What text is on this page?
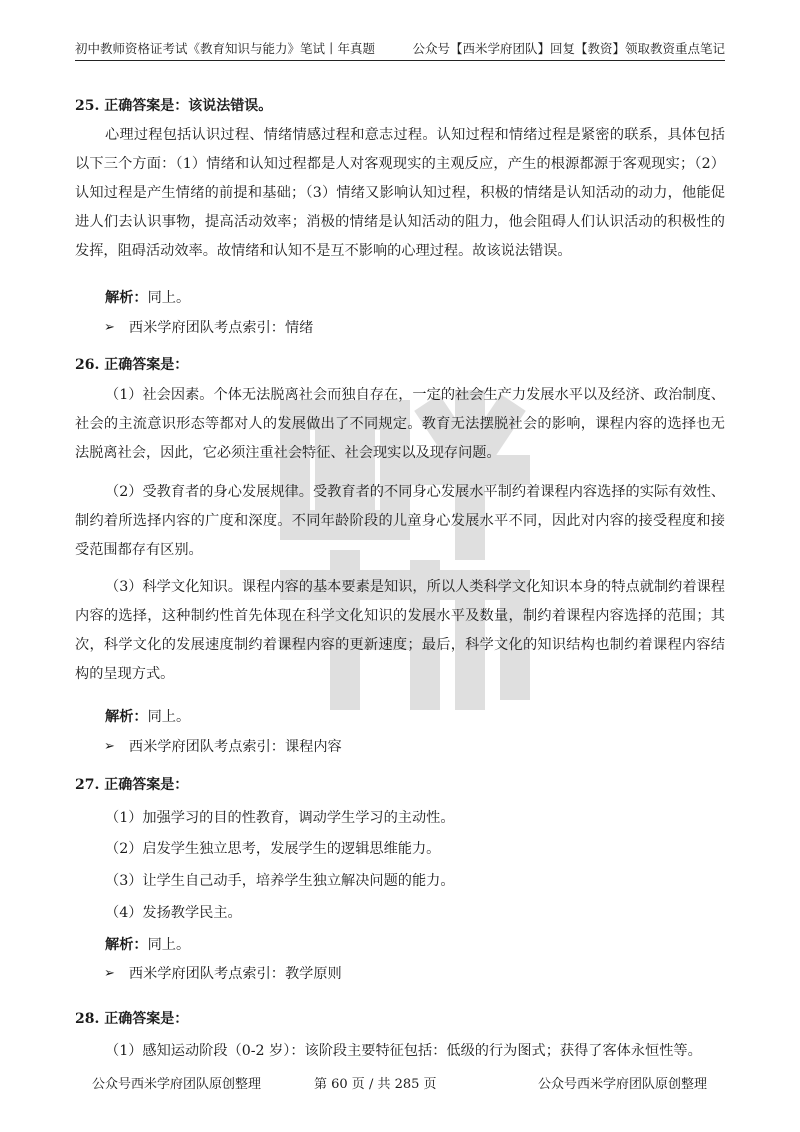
初中教师资格证考试《教育知识与能力》笔试丨年真题	公众号【西米学府团队】回复【教资】领取教资重点笔记
25. 正确答案是：该说法错误。
心理过程包括认识过程、情绪情感过程和意志过程。认知过程和情绪过程是紧密的联系，具体包括以下三个方面：（1）情绪和认知过程都是人对客观现实的主观反应，产生的根源都源于客观现实；（2）认知过程是产生情绪的前提和基础；（3）情绪又影响认知过程，积极的情绪是认知活动的动力，他能促进人们去认识事物，提高活动效率；消极的情绪是认知活动的阻力，他会阻碍人们认识活动的积极性的发挥，阻碍活动效率。故情绪和认知不是互不影响的心理过程。故该说法错误。
解析：同上。
➢ 西米学府团队考点索引：情绪
26. 正确答案是：
（1）社会因素。个体无法脱离社会而独自存在，一定的社会生产力发展水平以及经济、政治制度、社会的主流意识形态等都对人的发展做出了不同规定。教育无法摆脱社会的影响，课程内容的选择也无法脱离社会，因此，它必须注重社会特征、社会现实以及现存问题。
（2）受教育者的身心发展规律。受教育者的不同身心发展水平制约着课程内容选择的实际有效性、制约着所选择内容的广度和深度。不同年龄阶段的儿童身心发展水平不同，因此对内容的接受程度和接受范围都存有区别。
（3）科学文化知识。课程内容的基本要素是知识，所以人类科学文化知识本身的特点就制约着课程内容的选择，这种制约性首先体现在科学文化知识的发展水平及数量，制约着课程内容选择的范围；其次，科学文化的发展速度制约着课程内容的更新速度；最后，科学文化的知识结构也制约着课程内容结构的呈现方式。
解析：同上。
➢ 西米学府团队考点索引：课程内容
27. 正确答案是：
（1）加强学习的目的性教育，调动学生学习的主动性。
（2）启发学生独立思考，发展学生的逻辑思维能力。
（3）让学生自己动手，培养学生独立解决问题的能力。
（4）发扬教学民主。
解析：同上。
➢ 西米学府团队考点索引：教学原则
28. 正确答案是：
（1）感知运动阶段（0-2 岁）：该阶段主要特征包括：低级的行为图式；获得了客体永恒性等。
公众号西米学府团队原创整理	第 60 页 / 共 285 页	公众号西米学府团队原创整理
